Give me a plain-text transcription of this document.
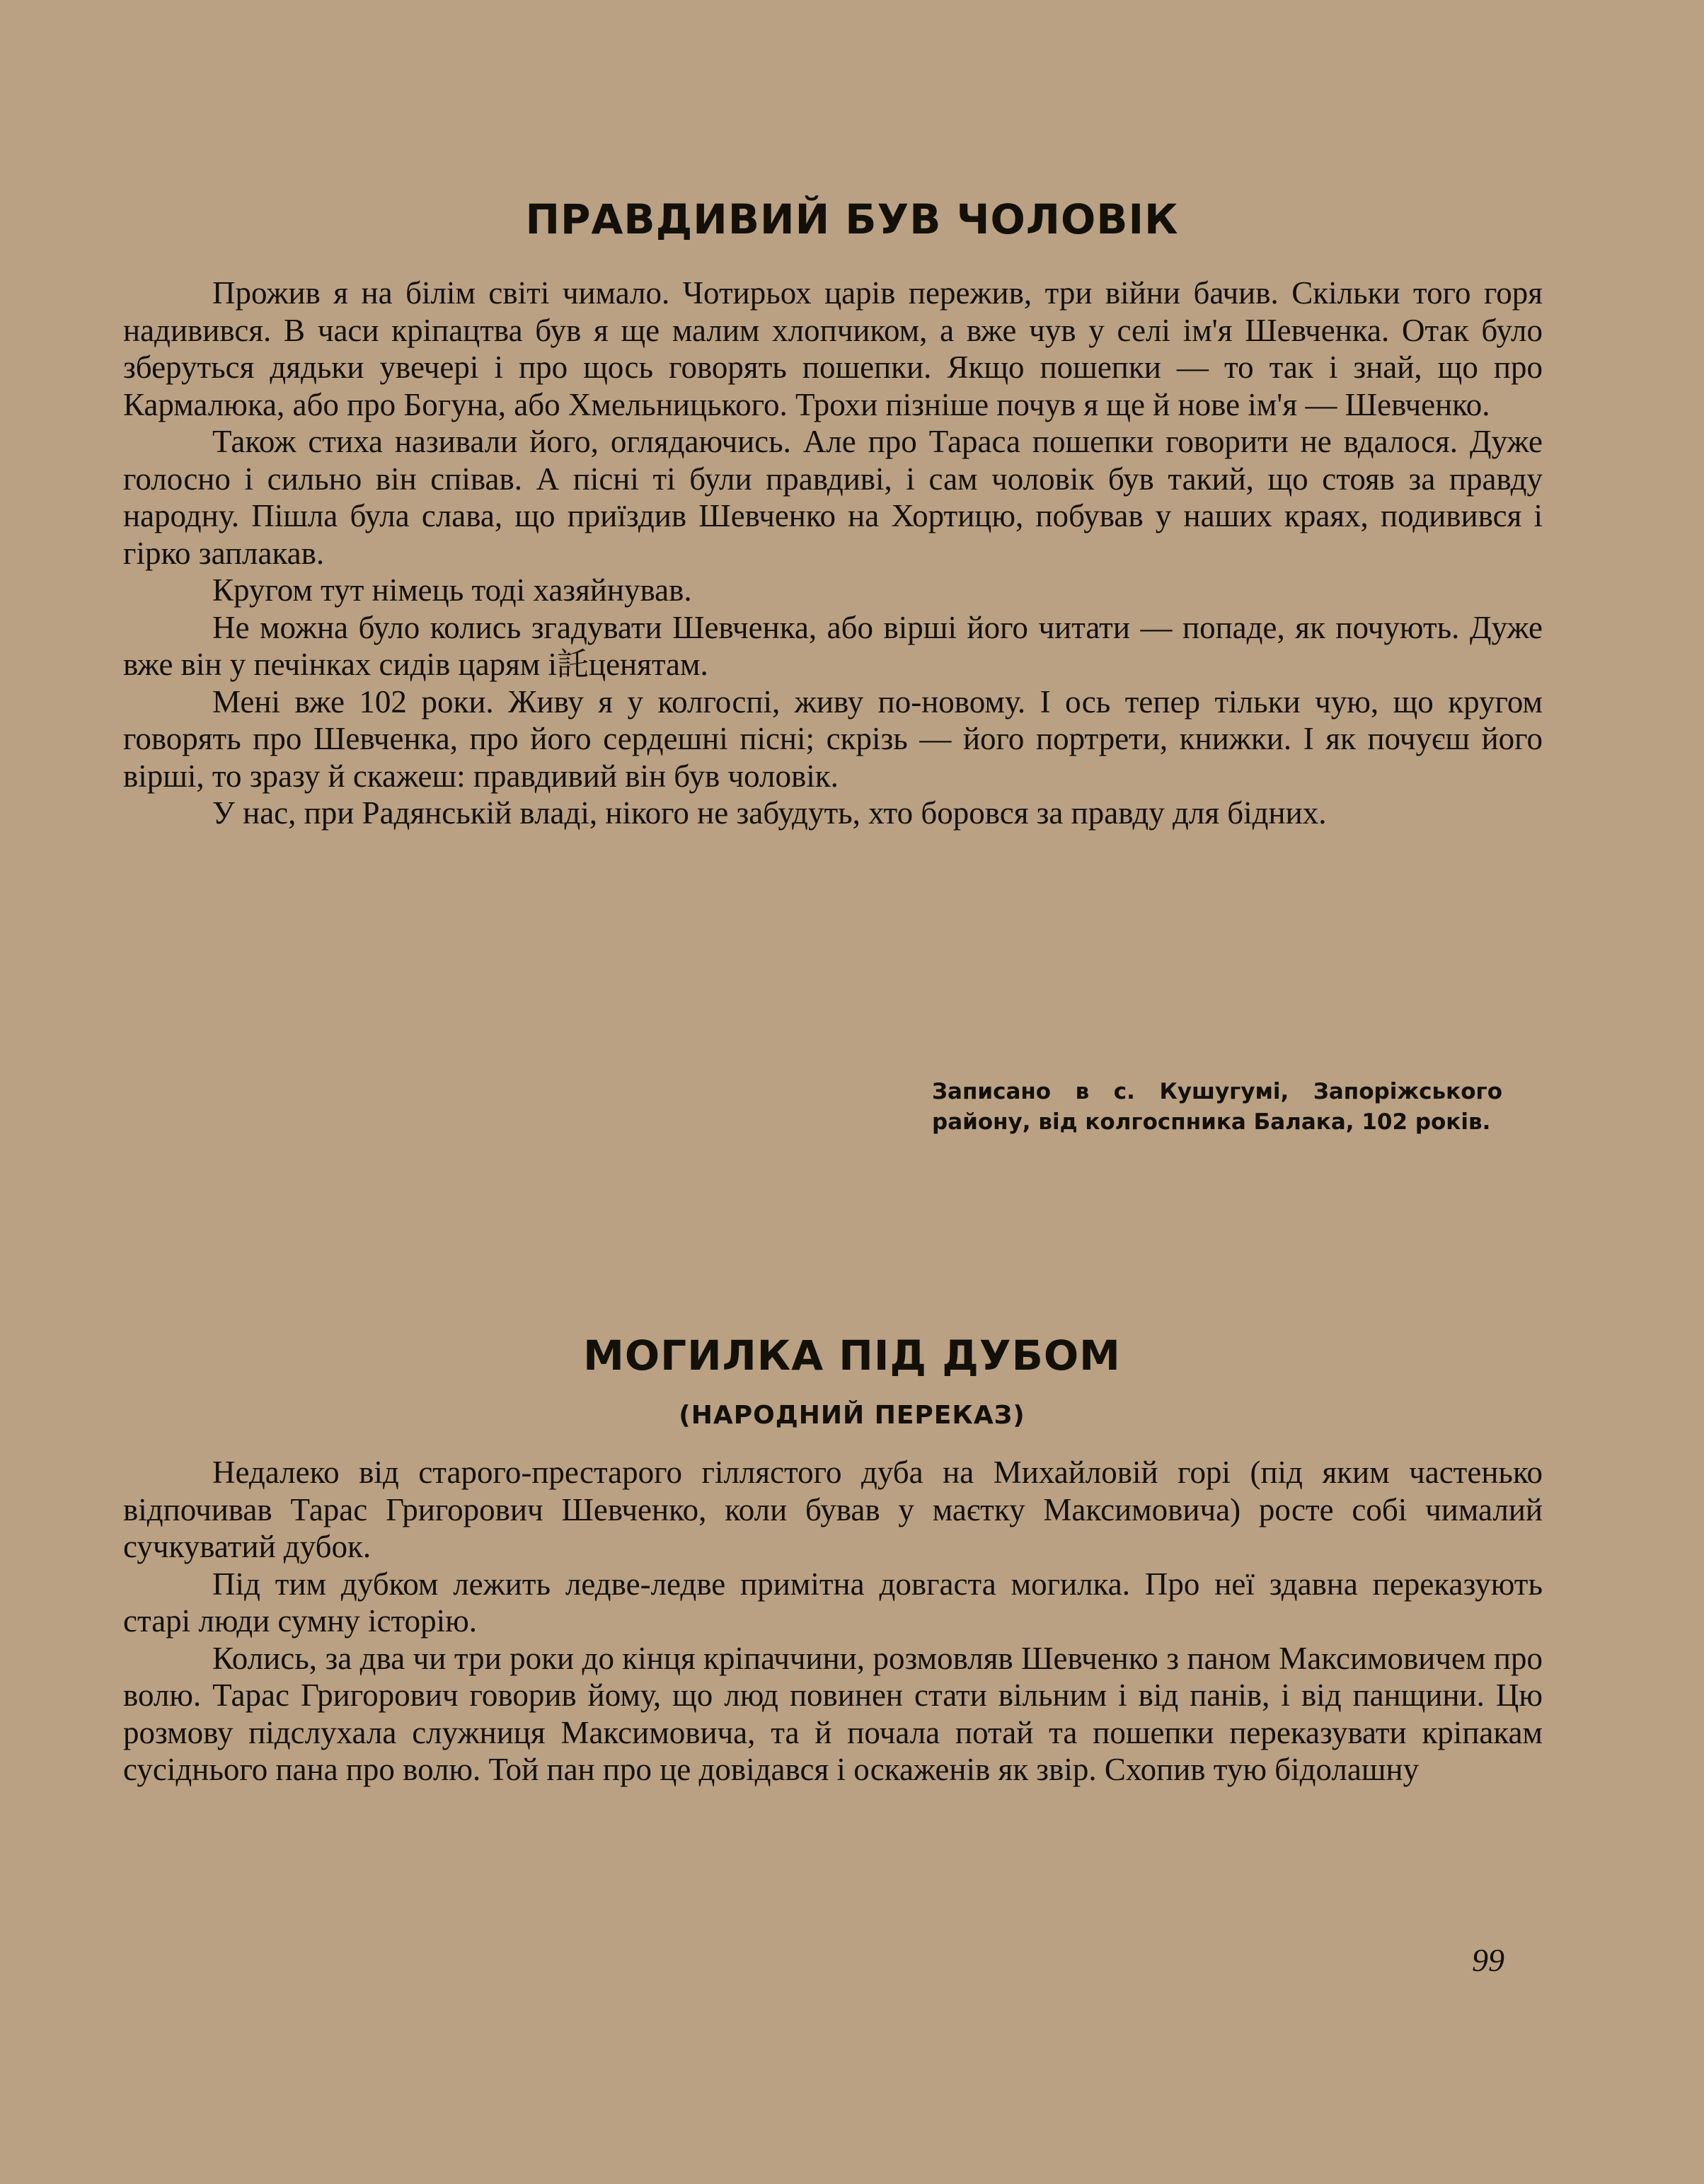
ПРАВДИВИЙ БУВ ЧОЛОВІК

Прожив я на білім світі чимало. Чотирьох царів пережив, три війни бачив. Скільки того горя надивився. В часи кріпацтва був я ще малим хлопчиком, а вже чув у селі ім'я Шевченка. Отак було зберуться дядьки увечері і про щось говорять пошепки. Якщо пошепки — то так і знай, що про Кармалюка, або про Богуна, або Хмельницького. Трохи пізніше почув я ще й нове ім'я — Шевченко.

Також стиха називали його, оглядаючись. Але про Тараса пошепки говорити не вдалося. Дуже голосно і сильно він співав. А пісні ті були правдиві, і сам чоловік був такий, що стояв за правду народну. Пішла була слава, що приїздив Шевченко на Хортицю, побував у наших краях, подивився і гірко заплакав.

Кругом тут німець тоді хазяйнував.

Не можна було колись згадувати Шевченка, або вірші його читати — попаде, як почують. Дуже вже він у печінках сидів царям і託ценятам.

Мені вже 102 роки. Живу я у колгоспі, живу по-новому. І ось тепер тільки чую, що кругом говорять про Шевченка, про його сердешні пісні; скрізь — його портрети, книжки. І як почуєш його вірші, то зразу й скажеш: правдивий він був чоловік.

У нас, при Радянській владі, нікого не забудуть, хто боровся за правду для бідних.

Записано в с. Кушугумі, Запоріжського району, від колгоспника Балака, 102 років.

МОГИЛКА ПІД ДУБОМ

(НАРОДНИЙ ПЕРЕКАЗ)

Недалеко від старого-престарого гіллястого дуба на Михайловій горі (під яким частенько відпочивав Тарас Григорович Шевченко, коли бував у маєтку Максимовича) росте собі чималий сучкуватий дубок.

Під тим дубком лежить ледве-ледве примітна довгаста могилка. Про неї здавна переказують старі люди сумну історію.

Колись, за два чи три роки до кінця кріпаччини, розмовляв Шевченко з паном Максимовичем про волю. Тарас Григорович говорив йому, що люд повинен стати вільним і від панів, і від панщини. Цю розмову підслухала служниця Максимовича, та й почала потай та пошепки переказувати кріпакам сусіднього пана про волю. Той пан про це довідався і оскаженів як звір. Схопив тую бідолашну

99
